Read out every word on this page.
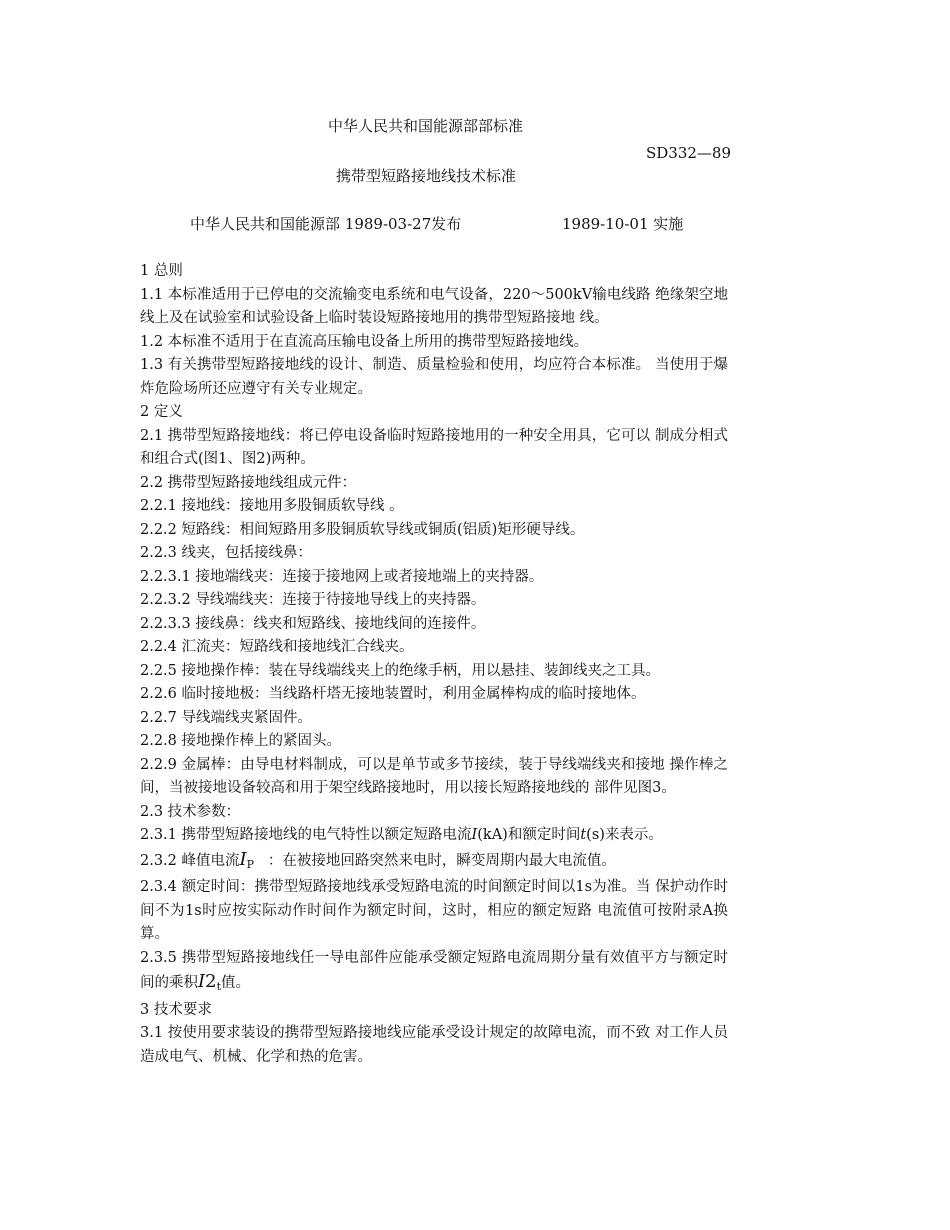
中华人民共和国能源部部标准
SD332—89
携带型短路接地线技术标准
中华人民共和国能源部 1989-03-27发布	1989-10-01 实施

1 总则

1.1 本标准适用于已停电的交流输变电系统和电气设备，220～500kV输电线路 绝缘架空地线上及在试验室和试验设备上临时装设短路接地用的携带型短路接地 线。

1.2 本标准不适用于在直流高压输电设备上所用的携带型短路接地线。

1.3 有关携带型短路接地线的设计、制造、质量检验和使用，均应符合本标准。 当使用于爆炸危险场所还应遵守有关专业规定。

2 定义

2.1 携带型短路接地线：将已停电设备临时短路接地用的一种安全用具，它可以 制成分相式和组合式(图1、图2)两种。

2.2 携带型短路接地线组成元件：

2.2.1 接地线：接地用多股铜质软导线 。

2.2.2 短路线：相间短路用多股铜质软导线或铜质(铝质)矩形硬导线。

2.2.3 线夹，包括接线鼻：

2.2.3.1 接地端线夹：连接于接地网上或者接地端上的夹持器。

2.2.3.2 导线端线夹：连接于待接地导线上的夹持器。

2.2.3.3 接线鼻：线夹和短路线、接地线间的连接件。

2.2.4 汇流夹：短路线和接地线汇合线夹。

2.2.5 接地操作棒：装在导线端线夹上的绝缘手柄，用以悬挂、装卸线夹之工具。

2.2.6 临时接地极：当线路杆塔无接地装置时，利用金属棒构成的临时接地体。

2.2.7 导线端线夹紧固件。

2.2.8 接地操作棒上的紧固头。

2.2.9 金属棒：由导电材料制成，可以是单节或多节接续，装于导线端线夹和接地 操作棒之间，当被接地设备较高和用于架空线路接地时，用以接长短路接地线的 部件见图3。

2.3 技术参数：

2.3.1 携带型短路接地线的电气特性以额定短路电流I(kA)和额定时间t(s)来表示。

2.3.2 峰值电流$I_P$ ：在被接地回路突然来电时，瞬变周期内最大电流值。

2.3.4 额定时间：携带型短路接地线承受短路电流的时间额定时间以1s为准。当 保护动作时间不为1s时应按实际动作时间作为额定时间，这时，相应的额定短路 电流值可按附录A换算。

2.3.5 携带型短路接地线任一导电部件应能承受额定短路电流周期分量有效值平方与额定时间的乘积$I2_t$值。

3 技术要求

3.1 按使用要求装设的携带型短路接地线应能承受设计规定的故障电流，而不致 对工作人员造成电气、机械、化学和热的危害。
